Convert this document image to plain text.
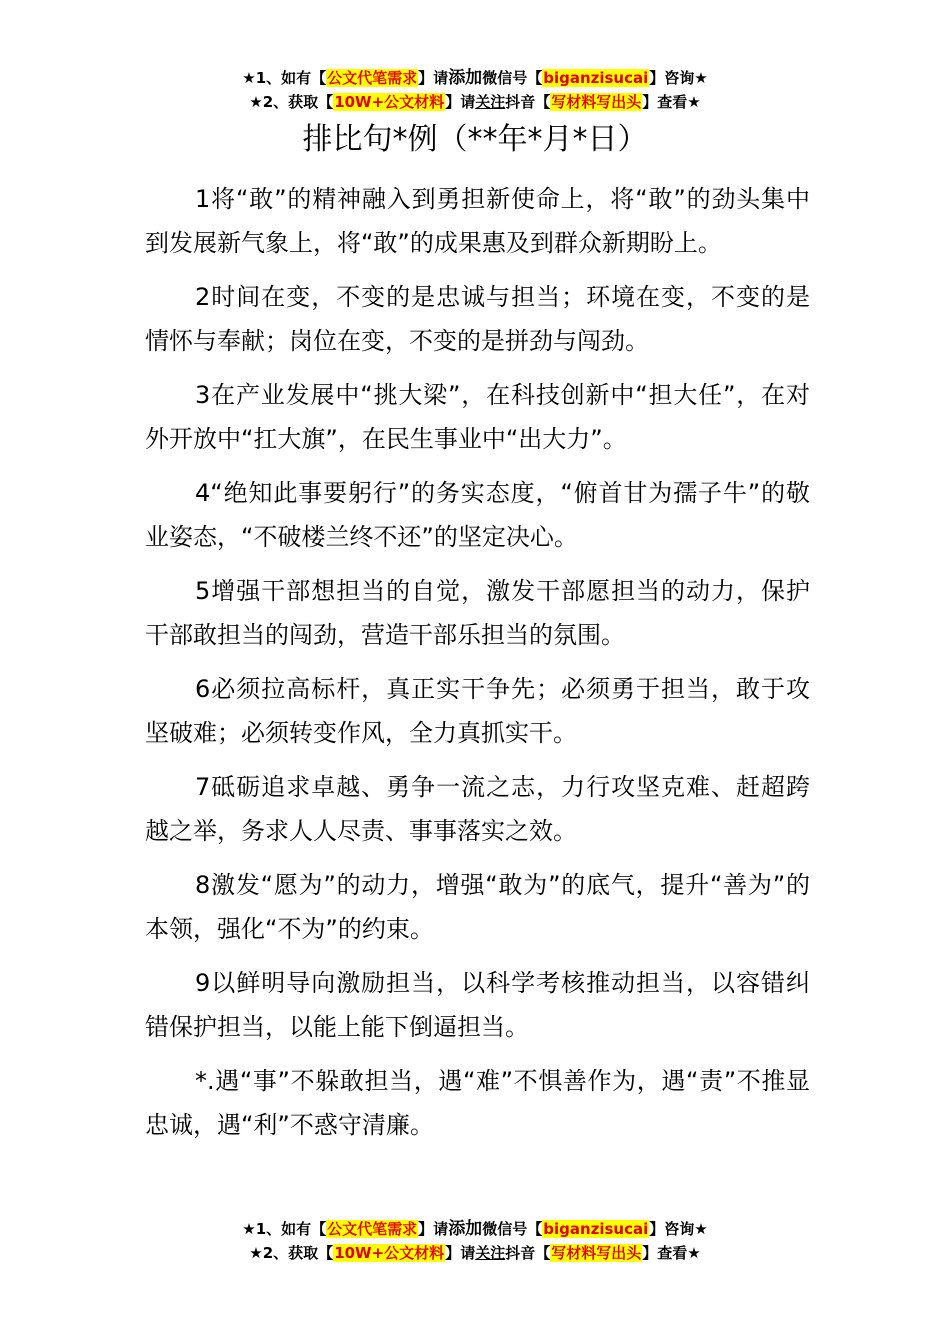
★1、如有【公文代笔需求】请添加微信号【biganzisucai】咨询★
★2、获取【10W+公文材料】请关注抖音【写材料写出头】查看★
排比句*例（**年*月*日）

1将“敢”的精神融入到勇担新使命上，将“敢”的劲头集中到发展新气象上，将“敢”的成果惠及到群众新期盼上。

2时间在变，不变的是忠诚与担当；环境在变，不变的是情怀与奉献；岗位在变，不变的是拼劲与闯劲。

3在产业发展中“挑大梁”，在科技创新中“担大任”，在对外开放中“扛大旗”，在民生事业中“出大力”。

4“绝知此事要躬行”的务实态度，“俯首甘为孺子牛”的敬业姿态，“不破楼兰终不还”的坚定决心。

5增强干部想担当的自觉，激发干部愿担当的动力，保护干部敢担当的闯劲，营造干部乐担当的氛围。

6必须拉高标杆，真正实干争先；必须勇于担当，敢于攻坚破难；必须转变作风，全力真抓实干。

7砥砺追求卓越、勇争一流之志，力行攻坚克难、赶超跨越之举，务求人人尽责、事事落实之效。

8激发“愿为”的动力，增强“敢为”的底气，提升“善为”的本领，强化“不为”的约束。

9以鲜明导向激励担当，以科学考核推动担当，以容错纠错保护担当，以能上能下倒逼担当。

*.遇“事”不躲敢担当，遇“难”不惧善作为，遇“责”不推显忠诚，遇“利”不惑守清廉。

★1、如有【公文代笔需求】请添加微信号【biganzisucai】咨询★
★2、获取【10W+公文材料】请关注抖音【写材料写出头】查看★
